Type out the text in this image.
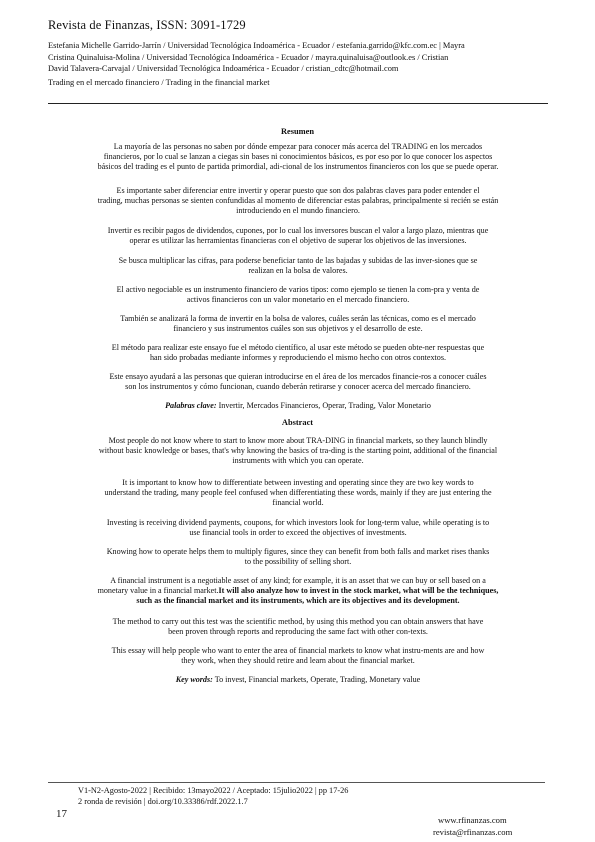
Revista de Finanzas, ISSN: 3091-1729
Estefania Michelle Garrido-Jarrín / Universidad Tecnológica Indoamérica - Ecuador / estefania.garrido@kfc.com.ec | Mayra
Cristina Quinaluisa-Molina / Universidad Tecnológica Indoamérica - Ecuador / mayra.quinaluisa@outlook.es / Cristian
David Talavera-Carvajal / Universidad Tecnológica Indoamérica - Ecuador / cristian_cdtc@hotmail.com
Trading en el mercado financiero / Trading in the financial market
Resumen
La mayoría de las personas no saben por dónde empezar para conocer más acerca del TRADING en los mercados
financieros, por lo cual se lanzan a ciegas sin bases ni conocimientos básicos, es por eso por lo que conocer los aspectos
básicos del trading es el punto de partida primordial, adi-cional de los instrumentos financieros con los que se puede operar.
Es importante saber diferenciar entre invertir y operar puesto que son dos palabras claves para poder entender el
trading, muchas personas se sienten confundidas al momento de diferenciar estas palabras, principalmente si recién se están
introduciendo en el mundo financiero.
Invertir es recibir pagos de dividendos, cupones, por lo cual los inversores buscan el valor a largo plazo, mientras que
operar es utilizar las herramientas financieras con el objetivo de superar los objetivos de las inversiones.
Se busca multiplicar las cifras, para poderse beneficiar tanto de las bajadas y subidas de las inver-siones que se
realizan en la bolsa de valores.
El activo negociable es un instrumento financiero de varios tipos: como ejemplo se tienen la com-pra y venta de
activos financieros con un valor monetario en el mercado financiero.
También se analizará la forma de invertir en la bolsa de valores, cuáles serán las técnicas, como es el mercado
financiero y sus instrumentos cuáles son sus objetivos y el desarrollo de este.
El método para realizar este ensayo fue el método científico, al usar este método se pueden obte-ner respuestas que
han sido probadas mediante informes y reproduciendo el mismo hecho con otros contextos.
Este ensayo ayudará a las personas que quieran introducirse en el área de los mercados financie-ros a conocer cuáles
son los instrumentos y cómo funcionan, cuando deberán retirarse y conocer acerca del mercado financiero.
Palabras clave: Invertir, Mercados Financieros, Operar, Trading, Valor Monetario
Abstract
Most people do not know where to start to know more about TRA-DING in financial markets, so they launch blindly
without basic knowledge or bases, that's why knowing the basics of tra-ding is the starting point, additional of the financial
instruments with which you can operate.
It is important to know how to differentiate between investing and operating since they are two key words to
understand the trading, many people feel confused when differentiating these words, mainly if they are just entering the
financial world.
Investing is receiving dividend payments, coupons, for which investors look for long-term value, while operating is to
use financial tools in order to exceed the objectives of investments.
Knowing how to operate helps them to multiply figures, since they can benefit from both falls and market rises thanks
to the possibility of selling short.
A financial instrument is a negotiable asset of any kind; for example, it is an asset that we can buy or sell based on a
monetary value in a financial market.It will also analyze how to invest in the stock market, what will be the techniques,
such as the financial market and its instruments, which are its objectives and its development.
The method to carry out this test was the scientific method, by using this method you can obtain answers that have
been proven through reports and reproducing the same fact with other con-texts.
This essay will help people who want to enter the area of financial markets to know what instru-ments are and how
they work, when they should retire and learn about the financial market.
Key words: To invest, Financial markets, Operate, Trading, Monetary value
V1-N2-Agosto-2022 | Recibido: 13mayo2022 / Aceptado: 15julio2022 | pp 17-26
2 ronda de revisión | doi.org/10.33386/rdf.2022.1.7
17	www.rfinanzas.com
revista@rfinanzas.com
